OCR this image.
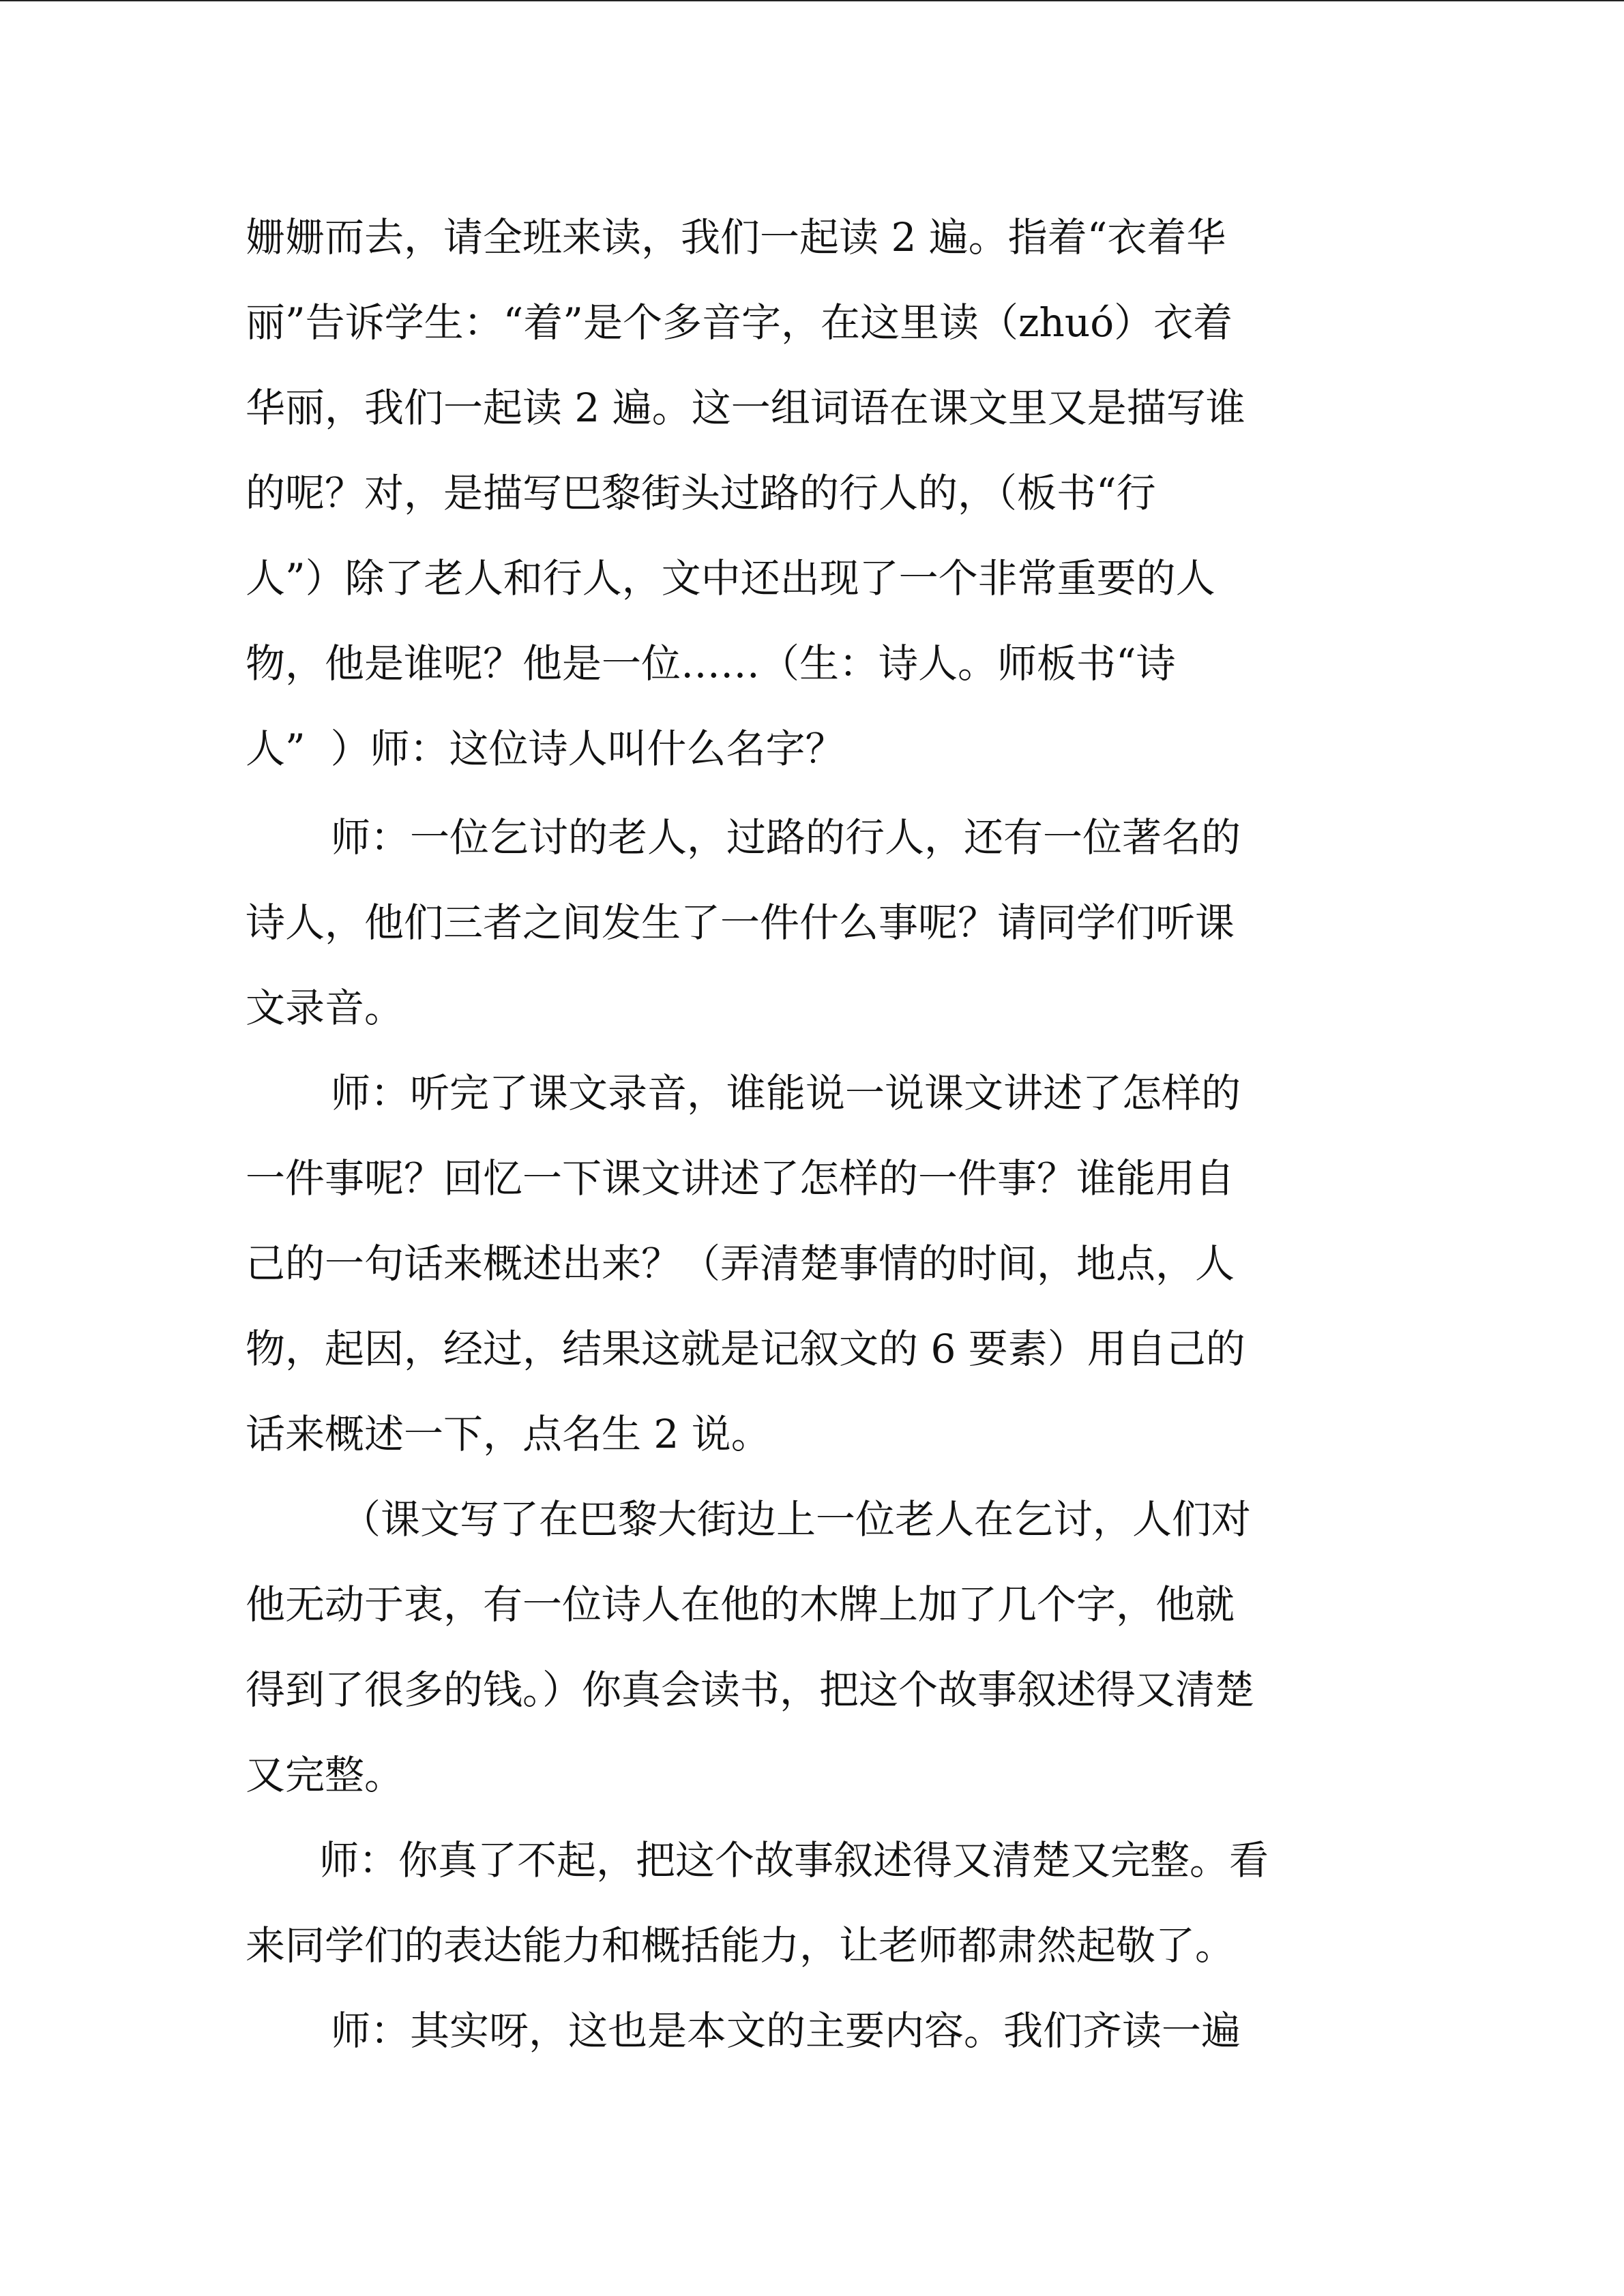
姗姗而去，请全班来读，我们一起读 2 遍。指着“衣着华
丽”告诉学生：“着”是个多音字，在这里读（zhuó）衣着
华丽，我们一起读 2 遍。这一组词语在课文里又是描写谁
的呢？对，是描写巴黎街头过路的行人的，（板书“行
人”）除了老人和行人，文中还出现了一个非常重要的人
物，他是谁呢？他是一位……（生：诗人。师板书“诗
人”  ）师：这位诗人叫什么名字？
师：一位乞讨的老人，过路的行人，还有一位著名的
诗人，他们三者之间发生了一件什么事呢？请同学们听课
文录音。
师：听完了课文录音，谁能说一说课文讲述了怎样的
一件事呢？回忆一下课文讲述了怎样的一件事？谁能用自
己的一句话来概述出来？（弄清楚事情的时间，地点，人
物，起因，经过，结果这就是记叙文的 6 要素）用自己的
话来概述一下，点名生 2 说。
（课文写了在巴黎大街边上一位老人在乞讨，人们对
他无动于衷，有一位诗人在他的木牌上加了几个字，他就
得到了很多的钱。）你真会读书，把这个故事叙述得又清楚
又完整。
师：你真了不起，把这个故事叙述得又清楚又完整。看
来同学们的表达能力和概括能力，让老师都肃然起敬了。
师：其实呀，这也是本文的主要内容。我们齐读一遍
